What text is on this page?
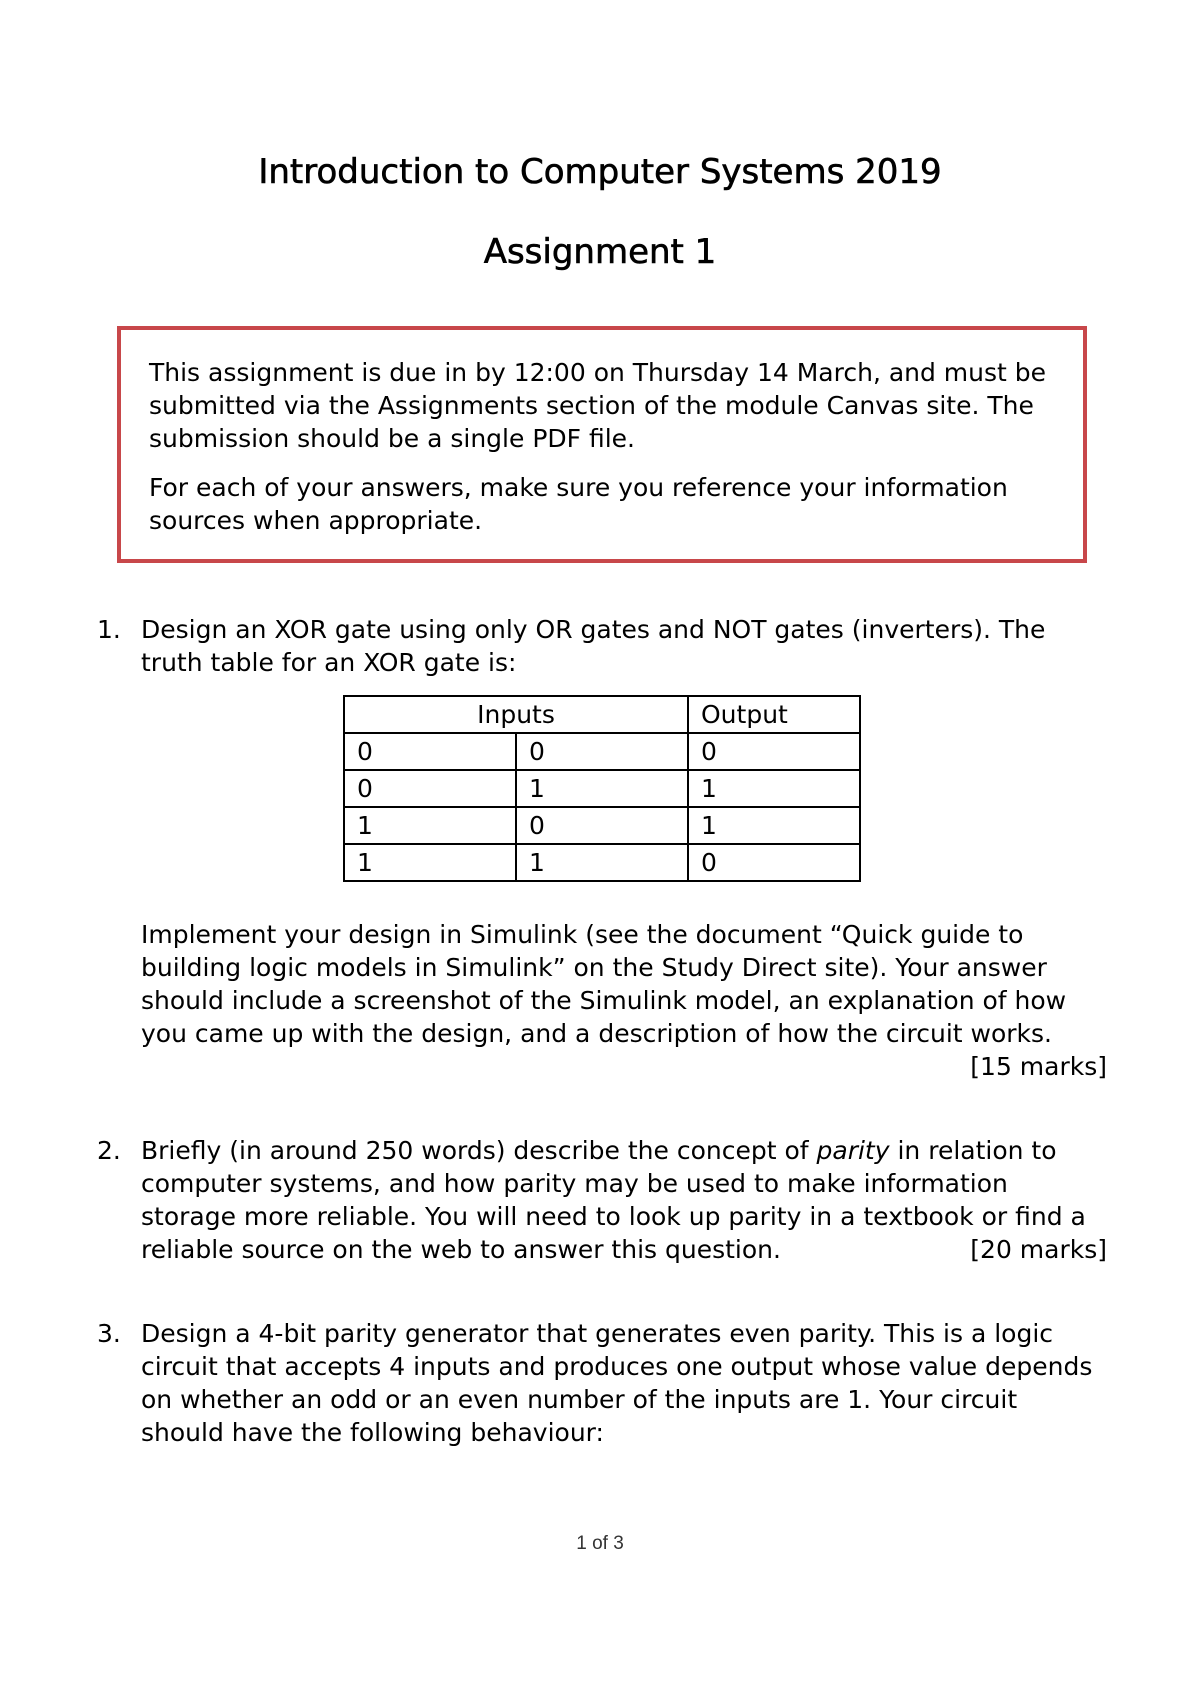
Introduction to Computer Systems 2019
Assignment 1

This assignment is due in by 12:00 on Thursday 14 March, and must be submitted via the Assignments section of the module Canvas site. The submission should be a single PDF file.

For each of your answers, make sure you reference your information sources when appropriate.

1. Design an XOR gate using only OR gates and NOT gates (inverters). The truth table for an XOR gate is:
Inputs		Output
0	0	0
0	1	1
1	0	1
1	1	0
Implement your design in Simulink (see the document “Quick guide to building logic models in Simulink” on the Study Direct site). Your answer should include a screenshot of the Simulink model, an explanation of how you came up with the design, and a description of how the circuit works.
[15 marks]
2. Briefly (in around 250 words) describe the concept of parity in relation to computer systems, and how parity may be used to make information storage more reliable. You will need to look up parity in a textbook or find a reliable source on the web to answer this question.	[20 marks]
3. Design a 4-bit parity generator that generates even parity. This is a logic circuit that accepts 4 inputs and produces one output whose value depends on whether an odd or an even number of the inputs are 1. Your circuit should have the following behaviour:
1 of 3
